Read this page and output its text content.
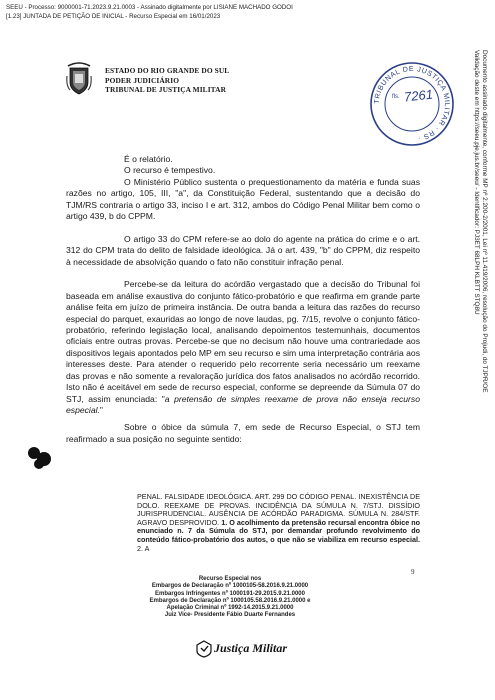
SEEU - Processo: 9000001-71.2023.9.21.0003 - Assinado digitalmente por LISIANE MACHADO GODOI
[1.23] JUNTADA DE PETIÇÃO DE INICIAL - Recurso Especial em 16/01/2023
ESTADO DO RIO GRANDE DO SUL
PODER JUDICIÁRIO
TRIBUNAL DE JUSTIÇA MILITAR
TRIBUNAL DE JUSTIÇA MILITAR · RS ·
fls. 7261	Documento assinado digitalmente, conforme MP nº 2.200-2/2001, Lei nº 11.419/2006, resolução do Projudi, do TJPR/OE
Validação deste em https://seeu.pje.jus.br/seeu/ - Identificador: PJ3ET 68LPH KLBTT STQ8U

É o relatório.

O recurso é tempestivo.

O Ministério Público sustenta o prequestionamento da matéria e funda suas razões no artigo, 105, III, "a", da Constituição Federal, sustentando que a decisão do TJM/RS contraria o artigo 33, inciso I e art. 312, ambos do Código Penal Militar bem como o artigo 439, b do CPPM.

O artigo 33 do CPM refere-se ao dolo do agente na prática do crime e o art. 312 do CPM trata do delito de falsidade ideológica. Já o art. 439, "b" do CPPM, diz respeito à necessidade de absolvição quando o fato não constituir infração penal.

Percebe-se da leitura do acórdão vergastado que a decisão do Tribunal foi baseada em análise exaustiva do conjunto fático-probatório e que reafirma em grande parte análise feita em juízo de primeira instância. De outra banda a leitura das razões do recurso especial do parquet, exauridas ao longo de nove laudas, pg. 7/15, revolve o conjunto fático-probatório, referindo legislação local, analisando depoimentos testemunhais, documentos oficiais entre outras provas. Percebe-se que no decisum não houve uma contrariedade aos dispositivos legais apontados pelo MP em seu recurso e sim uma interpretação contrária aos interesses deste. Para atender o requerido pelo recorrente seria necessário um reexame das provas e não somente a revaloração jurídica dos fatos analisados no acórdão recorrido. Isto não é aceitável em sede de recurso especial, conforme se depreende da Súmula 07 do STJ, assim enunciada: "a pretensão de simples reexame de prova não enseja recurso especial."

Sobre o óbice da súmula 7, em sede de Recurso Especial, o STJ tem reafirmado a sua posição no seguinte sentido:

PENAL. FALSIDADE IDEOLÓGICA. ART. 299 DO CÓDIGO PENAL. INEXISTÊNCIA DE DOLO. REEXAME DE PROVAS. INCIDÊNCIA DA SÚMULA N. 7/STJ. DISSÍDIO JURISPRUDENCIAL. AUSÊNCIA DE ACÓRDÃO PARADIGMA. SÚMULA N. 284/STF. AGRAVO DESPROVIDO. 1. O acolhimento da pretensão recursal encontra óbice no enunciado n. 7 da Súmula do STJ, por demandar profundo revolvimento do conteúdo fático-probatório dos autos, o que não se viabiliza em recurso especial. 2. A
9
Recurso Especial nos
Embargos de Declaração nº 1000105-58.2016.9.21.0000
Embargos Infringentes nº 1000191-29.2015.9.21.0000
Embargos de Declaração nº 1000105.58.2016.9.21.0000 e
Apelação Criminal nº 1992-14.2015.9.21.0000
Juiz Vice- Presidente Fábio Duarte Fernandes
Justiça Militar
